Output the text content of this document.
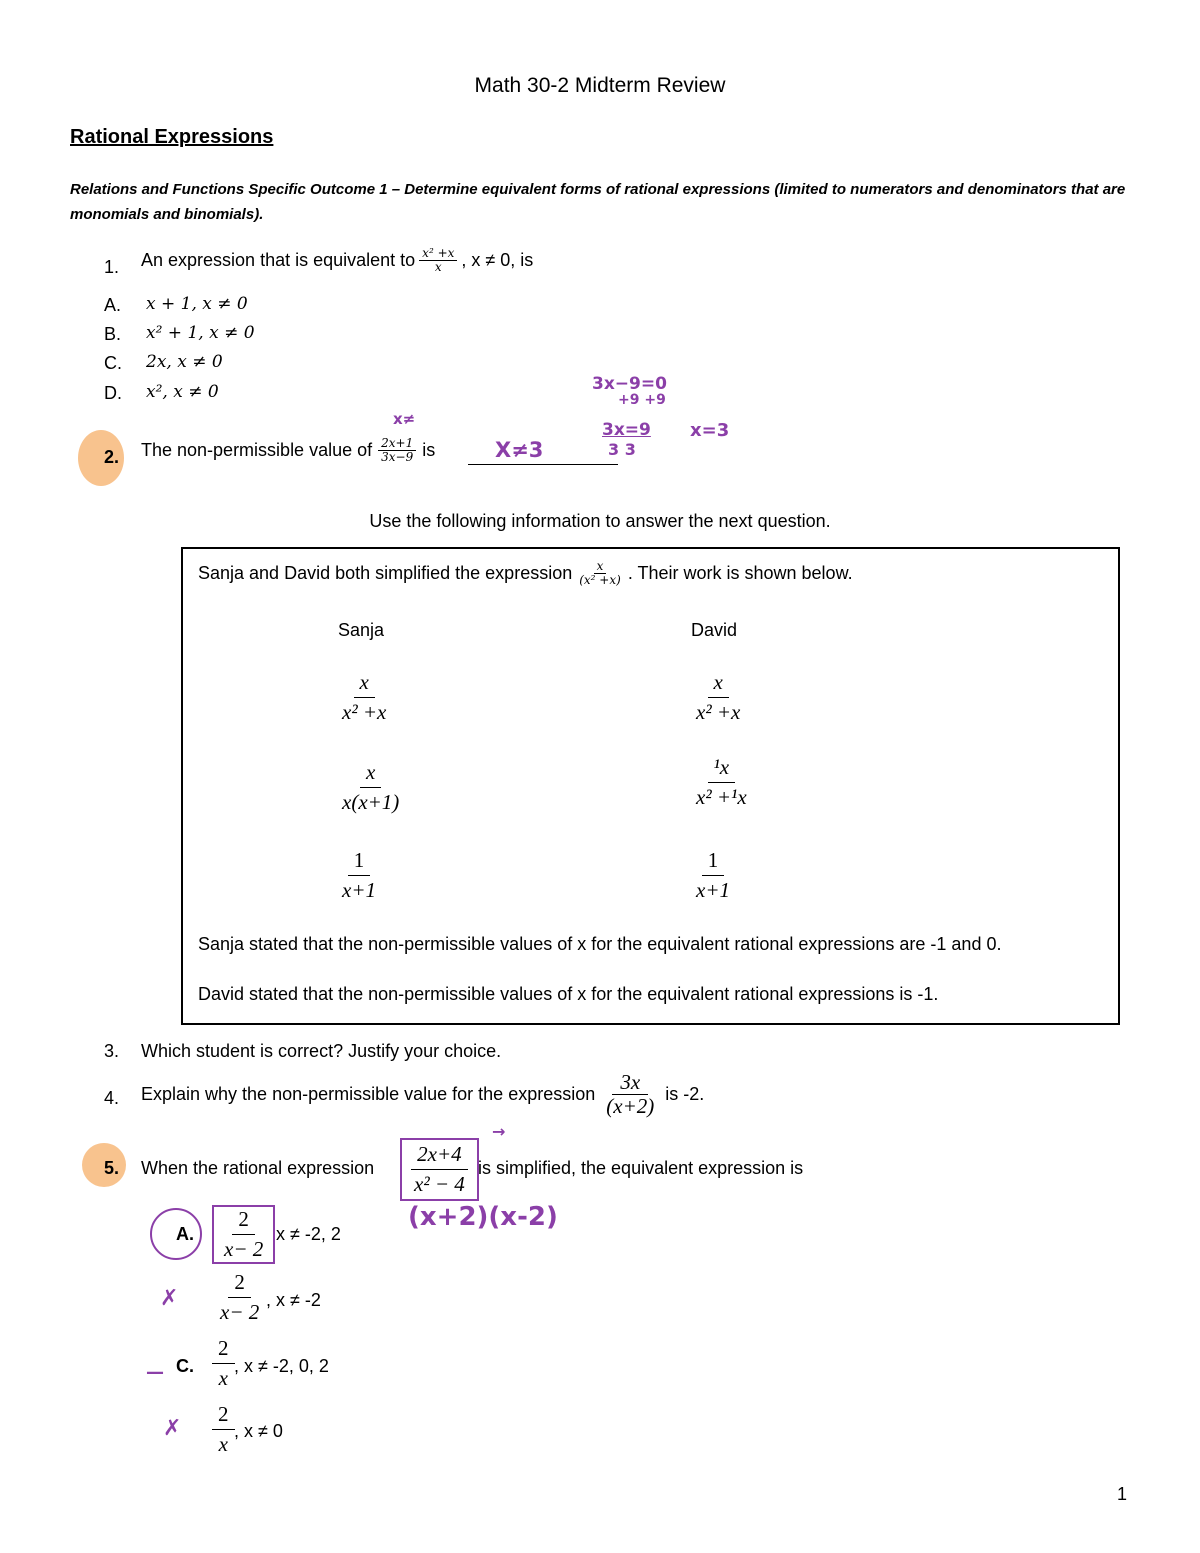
Math 30-2 Midterm Review
Rational Expressions
Relations and Functions Specific Outcome 1 – Determine equivalent forms of rational expressions (limited to numerators and denominators that are monomials and binomials).
1. An expression that is equivalent to $\frac{\text{x² +x}}{x}$ , x ≠ 0, is
A. x + 1, x ≠ 0
B. x² + 1, x ≠ 0
C. 2x, x ≠ 0
D. x², x ≠ 0
2. The non-permissible value of $\frac{2x+1}{3x-9}$ is	X≠3
x≠
3x−9=0
+9 +9
3x=9
3 3
x=3
Use the following information to answer the next question.
Sanja and David both simplified the expression $\frac{x}{\text{(x² +x)}}$ . Their work is shown below.
Sanja	David
$\frac{x}{\text{x² +x}}$
$\frac{x}{x(x+1)}$
$\frac{1}{x+1}$
$\frac{x}{\text{x² +x}}$
$\frac{\text{¹x}}{\text{x² +¹x}}$
$\frac{1}{x+1}$
Sanja stated that the non-permissible values of x for the equivalent rational expressions are -1 and 0.
David stated that the non-permissible values of x for the equivalent rational expressions is -1.
3. Which student is correct? Justify your choice.
4. Explain why the non-permissible value for the expression $\frac{3x}{(x+2)}$ is -2.
5. When the rational expression $\frac{2x+4}{\text{x² − 4}}$ is simplified, the equivalent expression is
→
(x+2)(x-2)
A. $\frac{2}{x- 2}$ x ≠ -2, 2
✗ $\frac{2}{x- 2}$ , x ≠ -2
— C. $\frac{2}{x}$ , x ≠ -2, 0, 2
✗ $\frac{2}{x}$ , x ≠ 0
1
